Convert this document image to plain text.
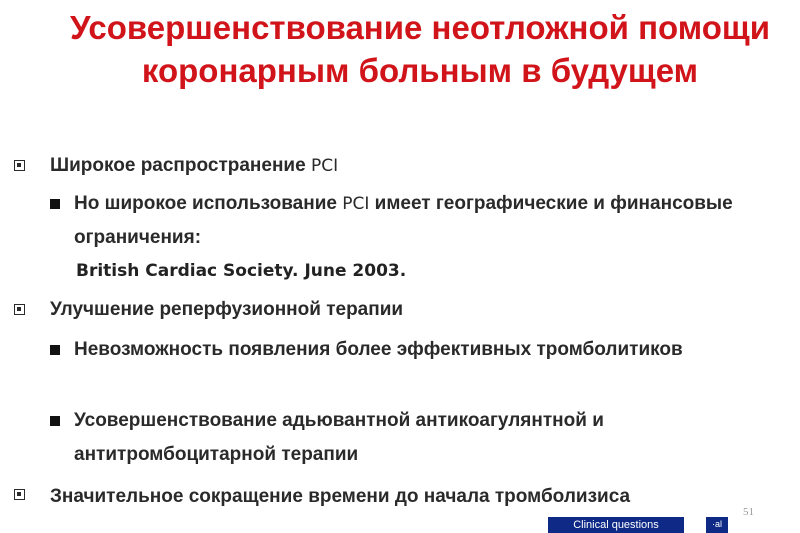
Усовершенствование неотложной помощи коронарным больным в будущем
Широкое распространение PCI
Но широкое использование PCI имеет географические и финансовые ограничения:
British Cardiac Society. June 2003.
Улучшение реперфузионной терапии
Невозможность появления более эффективных тромболитиков
Усовершенствование адьювантной антикоагулянтной и антитромбоцитарной терапии
Значительное сокращение времени до начала тромболизиса
51
Clinical questions	·al
